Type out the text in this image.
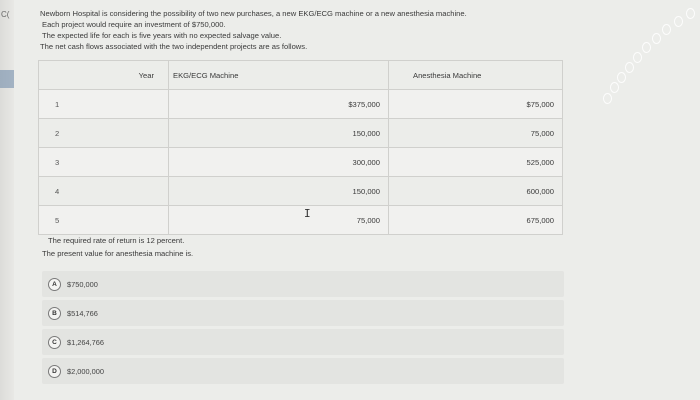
C(	Newborn Hospital is considering the possibility of two new purchases, a new EKG/ECG machine or a new anesthesia machine.
Each project would require an investment of $750,000.
The expected life for each is five years with no expected salvage value.
The net cash flows associated with the two independent projects are as follows.
Year	EKG/ECG Machine	Anesthesia Machine
1	$375,000	$75,000
2	150,000	75,000
3	300,000	525,000
4	150,000	600,000
5	75,000	675,000
I
The required rate of return is 12 percent.
The present value for anesthesia machine is.
A	$750,000
B	$514,766
C	$1,264,766
D	$2,000,000
